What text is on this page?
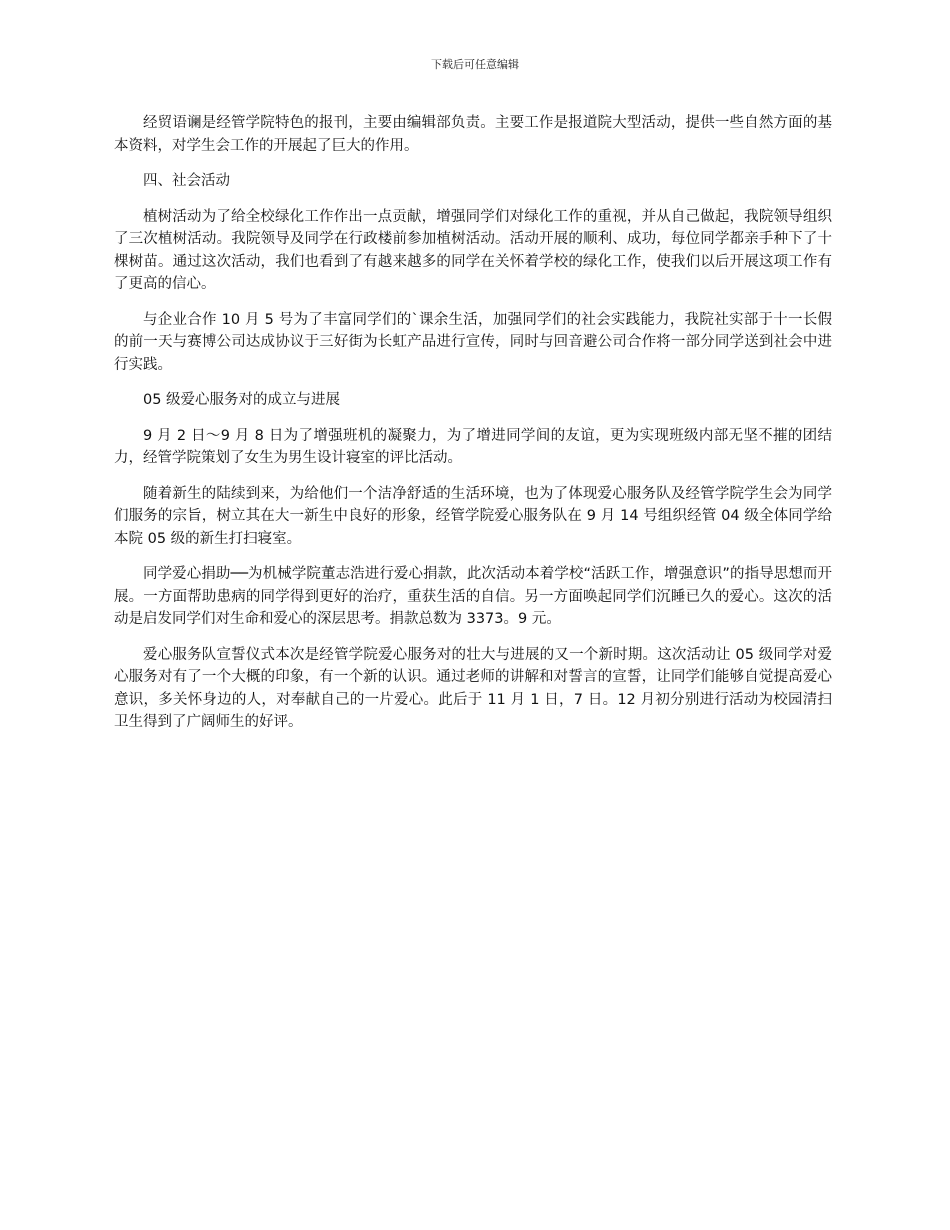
下载后可任意编辑

经贸语谰是经管学院特色的报刊，主要由编辑部负责。主要工作是报道院大型活动，提供一些自然方面的基本资料，对学生会工作的开展起了巨大的作用。

四、社会活动

植树活动为了给全校绿化工作作出一点贡献，增强同学们对绿化工作的重视，并从自己做起，我院领导组织了三次植树活动。我院领导及同学在行政楼前参加植树活动。活动开展的顺利、成功，每位同学都亲手种下了十棵树苗。通过这次活动，我们也看到了有越来越多的同学在关怀着学校的绿化工作，使我们以后开展这项工作有了更高的信心。

与企业合作 10 月 5 号为了丰富同学们的`课余生活，加强同学们的社会实践能力，我院社实部于十一长假的前一天与赛博公司达成协议于三好街为长虹产品进行宣传，同时与回音避公司合作将一部分同学送到社会中进行实践。

05 级爱心服务对的成立与进展

9 月 2 日～9 月 8 日为了增强班机的凝聚力，为了增进同学间的友谊，更为实现班级内部无坚不摧的团结力，经管学院策划了女生为男生设计寝室的评比活动。

随着新生的陆续到来，为给他们一个洁净舒适的生活环境，也为了体现爱心服务队及经管学院学生会为同学们服务的宗旨，树立其在大一新生中良好的形象，经管学院爱心服务队在 9 月 14 号组织经管 04 级全体同学给本院 05 级的新生打扫寝室。

同学爱心捐助──为机械学院董志浩进行爱心捐款，此次活动本着学校“活跃工作，增强意识”的指导思想而开展。一方面帮助患病的同学得到更好的治疗，重获生活的自信。另一方面唤起同学们沉睡已久的爱心。这次的活动是启发同学们对生命和爱心的深层思考。捐款总数为 3373。9 元。

爱心服务队宣誓仪式本次是经管学院爱心服务对的壮大与进展的又一个新时期。这次活动让 05 级同学对爱心服务对有了一个大概的印象，有一个新的认识。通过老师的讲解和对誓言的宣誓，让同学们能够自觉提高爱心意识，多关怀身边的人，对奉献自己的一片爱心。此后于 11 月 1 日，7 日。12 月初分别进行活动为校园清扫卫生得到了广阔师生的好评。
